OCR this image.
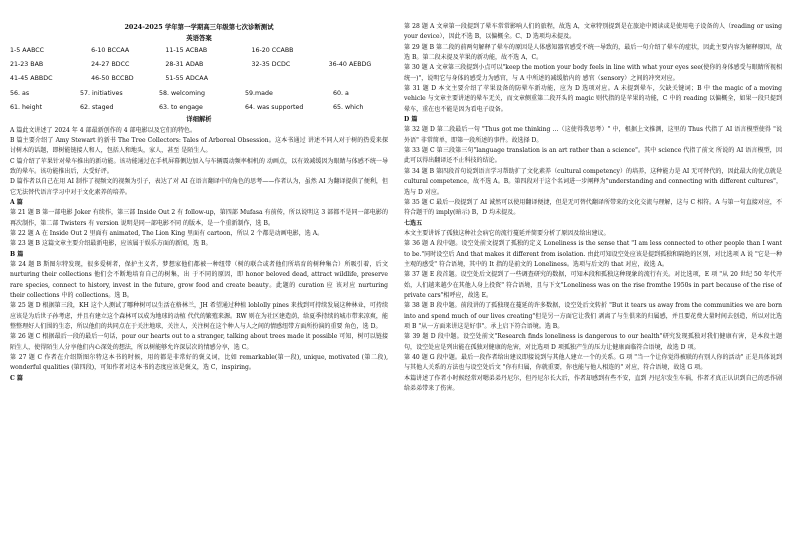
2024-2025 学年第一学期高三年级第七次诊断测试
英语答案
1-5 AABCC	6-10 BCCAA	11-15 ACBAB	16-20 CCABB
21-23 BAB	24-27 BDCC	28-31 ADAB	32-35 DCDC	36-40 AEBDG
41-45 ABBDC	46-50 BCCBD	51-55 ADCAA
56. as	57. initiatives	58. welcoming	59.made	60. a
61. height	62. staged	63. to engage	64. was supported	65. which
详细解析

A 篇此文讲述了 2024 年 4 部最新创作的 4 部电影以及它们的特色。

B 篇主要介绍了 Amy Stewart 的新书 The Tree Collectors: Tales of Arboreal Obsession。这本书通过 讲述不同人对于树的热爱来探讨树木的话题，即树能链接人和人，包括人和地头，家人，甚至 是陌生人。

C 篇介绍了苹果针对晕车推出的新功能。该功能通过在手机屏幕侧边加入与车辆震动频率相机的 动画点，以有效减缓因为眼睛与体感不统一导致的晕车。该功能推出后，大受好评。

D 篇作者以自己在用 AI 制作了视频文的视频为引子，表达了对 AI 在语言翻译中的角色的思考——作者认为，虽然 AI 为翻译提供了便利，但它无法替代语言学习中对于文化素养的培养。

A 篇

第 21 题 B 第一部电影 Joker 有续作，第三部 Inside Out 2 有 follow-up，第四部 Mufasa 有前传，所以说明这 3 部都不是同一部电影的再次制作，第二部 Twisters 有 version 说明是同一部电影不同 的版本，是一个重新制作，选 B。

第 22 题 A 在 Inside Out 2 里面有 animated, The Lion King 里面有 cartoon，所以 2 个都是动画电影，选 A。

第 23 题 B 这篇文章主要介绍最新电影，应该属于娱乐方面的新闻，选 B。

B 篇

第 24 题 B 斯图尔特发现，很多爱树者，保护主义者，梦想家他们都被一种纽带（树的联合或者他们所培育的树种集合）所吸引着，后文 nurturing their collections 他们会不断地培育自己的树集，出 于不同的原因，即 honor beloved dead, attract wildlife, preserve rare species, connect to history, invest in the future, grow food and create beauty。此题的 curation 应 该对应 nurturing their collections 中的 collections。选 B。

第 25 题 D 根据第三段，KH 这个人测试了哪种树可以生活在格林兰，JH 希望通过种植 loblolly pines 来找到可持续发展这种林业，可持续应该是为后世子孙考虑，并且有建立这个森林可以成为地球的动植 代代的繁殖来源。RW 则在为社区建造荫，给夏季持续的城市带来凉爽，能整整理好人们围的生态，所以他们的共同点在于关注地球，关注人，关注树在这个种人与人之间的情感纽带方面所扮演的重要 角色，选 D。

第 26 题 C 根据最后一段的最后一句话，pour our hearts out to a stranger, talking about trees made it possible 可知，树可以链接陌生人，使得陌生人分享他们内心深处的想法，所以树能够允许深层次的情感分享，选 C。

第 27 题 C 作者在介绍斯图尔特这本书的时候，用的都是非常好的褒义词，比如 remarkable(第一段), unique, motivated (第二段), wonderful qualities (第四段)，可知作者对这本书的态度应该是褒义，选 C，inspiring。

C 篇

第 28 题 A 文章第一段提到了晕车常常影响人们的旅程，故选 A，文章特别提到是在旅途中阅读或是使用电子设备的人（reading or using your device），因此不选 B，以偏概全。C、D 选项均未提及。

第 29 题 B 第二段的前两句解释了晕车的原因是人体感知器官感受不统一导致的，最后一句介绍了晕车的症状，因此主要内容为解释原因，故选 B。第二段未提及苹果的新功能，故不选 A，C。

第 30 题 A 文章第三段提到小点可以"keep the motion your body feels in line with what your eyes see(使你的身体感受与眼睛所视相统一)"，说明它与身体的感受力为感官，与 A 中所述的减缓胎内的 感官（sensory）之间的冲突对应。

第 31 题 D 本文主要介绍了苹果设备的防晕车新功能，应为 D 选项对应。A 未提到晕车，欠缺关键词；B 中 the magic of a moving vehicle 与文章主要讲述的晕车无关，而文章侧重第二段开头的 magic 则代指的是苹果的功能，C 中的 reading 以偏概全，如果一段只提到晕车，重在也不能是因为看电子设备。

D 篇

第 32 题 D 第二段最后一句 "Thus got me thinking …（这使得我思考）" 中，根据上文推测，这里的 Thus 代指了 AI 语言模型使得 "说外语" 非常简单，即第一段所述的事件。故选择 D。

第 33 题 C 第三段第三句"language translation is an art rather than a science"。其中 science 代指了前文 所说的 AI 语言模型，因此可以得出翻译还不止科技的结论。

第 34 题 B 第四段首句说到语言学习帮助扩了文化素养（cultural competency）的培养，这种能力是 AI 无可替代的，因此最大的优点就是 cultural competence，故不选 A。B。第四段对于这个名词进一步阐释为"understanding and connecting with different cultures"，选与 D 对应。

第 35 题 C 最后一段提到了 AI 诚然可以使用翻译便捷，但是无可替代翻译所带来的文化交流与理解，这与 C 相符。A 与第一句直接对应，不符合题干的 imply(暗示) B，D 均未提及。

七选五

本文主要讲诉了孤独这种社会病它的流行蔓延并简要分析了原因及给出建议。

第 36 题 A 段中题。设空处前文提到了孤独的定义 Loneliness is the sense that "I am less connected to other people than I want to be."同时设空后 And that makes it different from isolation. 由此可知设空处应该是提到孤独和隔绝的区别，对比选项 A 说 "它是一种主观的感受" 符合语境，其中的 It 指的是前文的 Loneliness。选项与后文的 that 对应，故选 A。

第 37 题 E 段首题。设空处后文提到了一些调查研究的数据，可知本段和孤独这种现象的流行有关。对比选项，E 项 "从 20 世纪 50 年代开始，人们越来越少在其他人身上投资" 符合语境，且与下文"Loneliness was on the rise fromthe 1950s in part because of the rise of private cars"相呼应，故选 E。

第 38 题 B 段中题。前段讲的了孤独现在蔓延的许多数据，设空处后文转折 "But it tears us away from the communities we are born into and spend much of our lives creating"但是另一方面它让我们 剥离了与生俱来的归属感，并且要花费大量时间去创造，所以对比选项 B "从一方面来讲这是好事"。承上启下符合语境。选 B。

第 39 题 D 段中题。设空处前文"Research finds loneliness is dangerous to our health"研究发现孤独对我们健康有害，是本段主题句，设空处应是列出能在孤独对健康的危害，对比选项 D 项孤独产生的压力让健康面临符合语境，故选 D 项。

第 40 题 G 段中题。最后一段作者给出建议即接说到与其他人建立一个的关系。G 项 "当一个让你觉得被联的有别人你的活动" 正是具体说到与其他人关系的方法也与设空处后文 "你有归属，你就重要，你也能与他人相连的" 对应，符合语境，故选 G 项。

本篇讲述了作者小时候经常对嗯弟弟丹尼尔，但丹尼尔长大后，作者却感到有些不安，直到 丹尼尔发生车祸，作者才真正认识到自己的恶作剧给弟弟带来了伤害。
